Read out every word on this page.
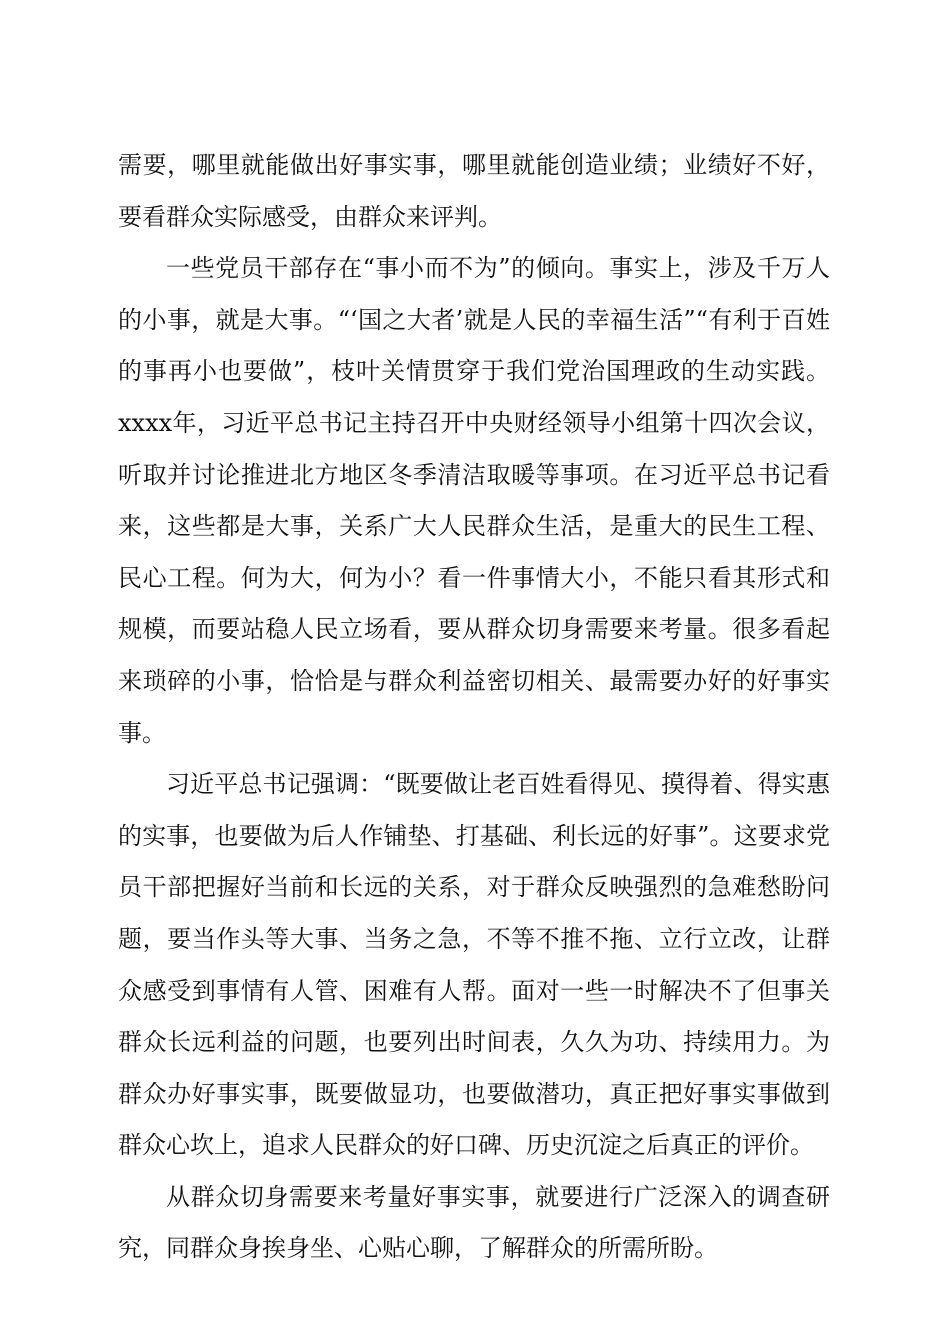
需要，哪里就能做出好事实事，哪里就能创造业绩；业绩好不好，要看群众实际感受，由群众来评判。

一些党员干部存在“事小而不为”的倾向。事实上，涉及千万人的小事，就是大事。“‘国之大者’就是人民的幸福生活”“有利于百姓的事再小也要做”，枝叶关情贯穿于我们党治国理政的生动实践。xxxx年，习近平总书记主持召开中央财经领导小组第十四次会议，听取并讨论推进北方地区冬季清洁取暖等事项。在习近平总书记看来，这些都是大事，关系广大人民群众生活，是重大的民生工程、民心工程。何为大，何为小？看一件事情大小，不能只看其形式和规模，而要站稳人民立场看，要从群众切身需要来考量。很多看起来琐碎的小事，恰恰是与群众利益密切相关、最需要办好的好事实事。

习近平总书记强调：“既要做让老百姓看得见、摸得着、得实惠的实事，也要做为后人作铺垫、打基础、利长远的好事”。这要求党员干部把握好当前和长远的关系，对于群众反映强烈的急难愁盼问题，要当作头等大事、当务之急，不等不推不拖、立行立改，让群众感受到事情有人管、困难有人帮。面对一些一时解决不了但事关群众长远利益的问题，也要列出时间表，久久为功、持续用力。为群众办好事实事，既要做显功，也要做潜功，真正把好事实事做到群众心坎上，追求人民群众的好口碑、历史沉淀之后真正的评价。

从群众切身需要来考量好事实事，就要进行广泛深入的调查研究，同群众身挨身坐、心贴心聊，了解群众的所需所盼。
